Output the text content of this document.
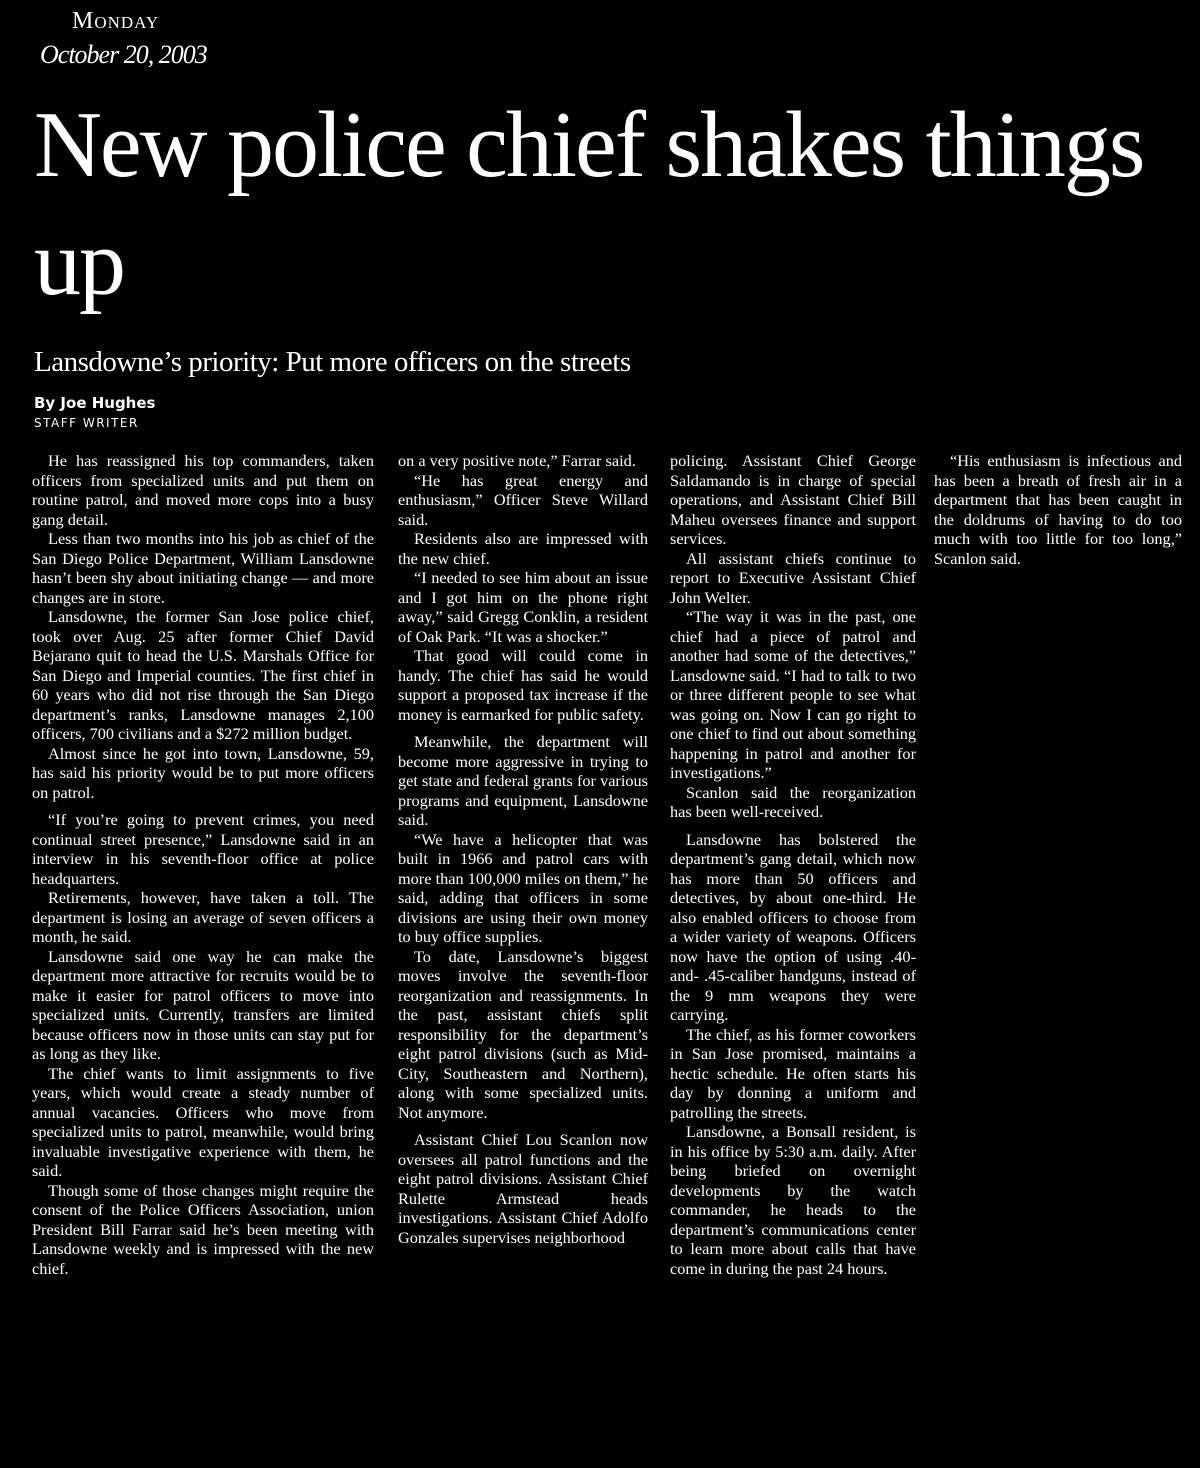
Monday
October 20, 2003
New police chief shakes things up
Lansdowne’s priority: Put more officers on the streets
By Joe Hughes
STAFF WRITER

He has reassigned his top commanders, taken officers from specialized units and put them on routine patrol, and moved more cops into a busy gang detail.

Less than two months into his job as chief of the San Diego Police Department, William Lansdowne hasn’t been shy about initiating change — and more changes are in store.

Lansdowne, the former San Jose police chief, took over Aug. 25 after former Chief David Bejarano quit to head the U.S. Marshals Office for San Diego and Imperial counties. The first chief in 60 years who did not rise through the San Diego department’s ranks, Lansdowne manages 2,100 officers, 700 civilians and a $272 million budget.

Almost since he got into town, Lansdowne, 59, has said his priority would be to put more officers on patrol.

“If you’re going to prevent crimes, you need continual street presence,” Lansdowne said in an interview in his seventh-floor office at police headquarters.

Retirements, however, have taken a toll. The department is losing an average of seven officers a month, he said.

Lansdowne said one way he can make the department more attractive for recruits would be to make it easier for patrol officers to move into specialized units. Currently, transfers are limited because officers now in those units can stay put for as long as they like.

The chief wants to limit assignments to five years, which would create a steady number of annual vacancies. Officers who move from specialized units to patrol, meanwhile, would bring invaluable investigative experience with them, he said.

Though some of those changes might require the consent of the Police Officers Association, union President Bill Farrar said he’s been meeting with Lansdowne weekly and is impressed with the new chief.

on a very positive note,” Farrar said.

“He has great energy and enthusiasm,” Officer Steve Willard said.

Residents also are impressed with the new chief.

“I needed to see him about an issue and I got him on the phone right away,” said Gregg Conklin, a resident of Oak Park. “It was a shocker.”

That good will could come in handy. The chief has said he would support a proposed tax increase if the money is earmarked for public safety.

Meanwhile, the department will become more aggressive in trying to get state and federal grants for various programs and equipment, Lansdowne said.

“We have a helicopter that was built in 1966 and patrol cars with more than 100,000 miles on them,” he said, adding that officers in some divisions are using their own money to buy office supplies.

To date, Lansdowne’s biggest moves involve the seventh-floor reorganization and reassignments. In the past, assistant chiefs split responsibility for the department’s eight patrol divisions (such as Mid-City, Southeastern and Northern), along with some specialized units. Not anymore.

Assistant Chief Lou Scanlon now oversees all patrol functions and the eight patrol divisions. Assistant Chief Rulette Armstead heads investigations. Assistant Chief Adolfo Gonzales supervises neighborhood

policing. Assistant Chief George Saldamando is in charge of special operations, and Assistant Chief Bill Maheu oversees finance and support services.

All assistant chiefs continue to report to Executive Assistant Chief John Welter.

“The way it was in the past, one chief had a piece of patrol and another had some of the detectives,” Lansdowne said. “I had to talk to two or three different people to see what was going on. Now I can go right to one chief to find out about something happening in patrol and another for investigations.”

Scanlon said the reorganization has been well-received.

Lansdowne has bolstered the department’s gang detail, which now has more than 50 officers and detectives, by about one-third. He also enabled officers to choose from a wider variety of weapons. Officers now have the option of using .40- and- .45-caliber handguns, instead of the 9 mm weapons they were carrying.

The chief, as his former coworkers in San Jose promised, maintains a hectic schedule. He often starts his day by donning a uniform and patrolling the streets.

Lansdowne, a Bonsall resident, is in his office by 5:30 a.m. daily. After being briefed on overnight developments by the watch commander, he heads to the department’s communications center to learn more about calls that have come in during the past 24 hours.

“His enthusiasm is infectious and has been a breath of fresh air in a department that has been caught in the doldrums of having to do too much with too little for too long,” Scanlon said.
